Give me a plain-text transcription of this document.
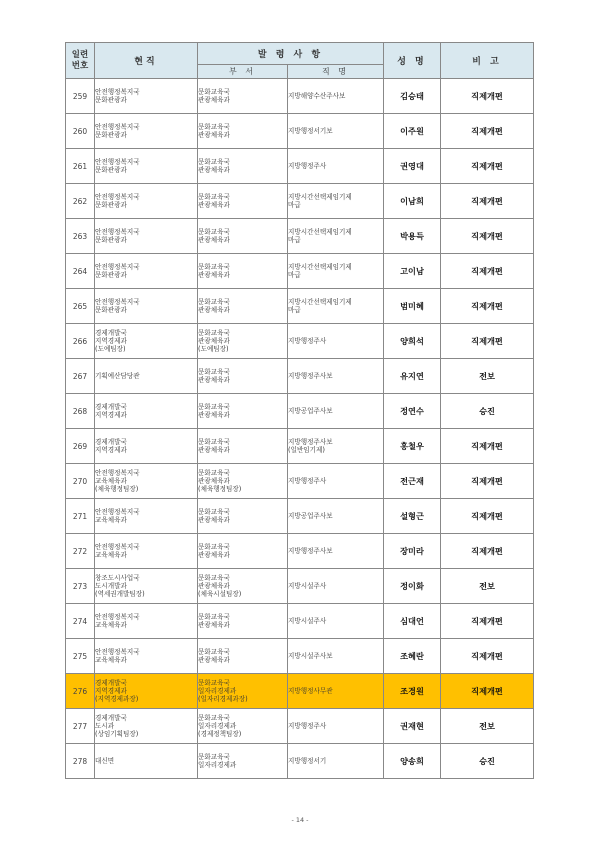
일련
번호	현직	발 령 사 항		성 명	비 고
		부 서	직 명		
259	안전행정복지국
문화관광과	문화교육국
관광체육과	지방해양수산주사보	김승태	직제개편
260	안전행정복지국
문화관광과	문화교육국
관광체육과	지방행정서기보	이주원	직제개편
261	안전행정복지국
문화관광과	문화교육국
관광체육과	지방행정주사	권영대	직제개편
262	안전행정복지국
문화관광과	문화교육국
관광체육과	지방시간선택제임기제
마급	이남희	직제개편
263	안전행정복지국
문화관광과	문화교육국
관광체육과	지방시간선택제임기제
마급	박용득	직제개편
264	안전행정복지국
문화관광과	문화교육국
관광체육과	지방시간선택제임기제
마급	고이남	직제개편
265	안전행정복지국
문화관광과	문화교육국
관광체육과	지방시간선택제임기제
마급	범미혜	직제개편
266	경제개발국
지역경제과
(도예팀장)	문화교육국
관광체육과
(도예팀장)	지방행정주사	양희석	직제개편
267	기획예산담당관	문화교육국
관광체육과	지방행정주사보	유지연	전보
268	경제개발국
지역경제과	문화교육국
관광체육과	지방공업주사보	정연수	승진
269	경제개발국
지역경제과	문화교육국
관광체육과	지방행정주사보
(일반임기제)	홍철우	직제개편
270	안전행정복지국
교육체육과
(체육행정팀장)	문화교육국
관광체육과
(체육행정팀장)	지방행정주사	전근재	직제개편
271	안전행정복지국
교육체육과	문화교육국
관광체육과	지방공업주사보	설형근	직제개편
272	안전행정복지국
교육체육과	문화교육국
관광체육과	지방행정주사보	장미라	직제개편
273	창조도시사업국
도시개발과
(역세권개발팀장)	문화교육국
관광체육과
(체육시설팀장)	지방시설주사	정이화	전보
274	안전행정복지국
교육체육과	문화교육국
관광체육과	지방시설주사	심대언	직제개편
275	안전행정복지국
교육체육과	문화교육국
관광체육과	지방시설주사보	조혜란	직제개편
276	경제개발국
지역경제과
(지역경제과장)	문화교육국
일자리경제과
(일자리경제과장)	지방행정사무관	조경원	직제개편
277	경제개발국
도시과
(상임기획팀장)	문화교육국
일자리경제과
(경제정책팀장)	지방행정주사	권재현	전보
278	대신면	문화교육국
일자리경제과	지방행정서기	양송희	승진
- 14 -
